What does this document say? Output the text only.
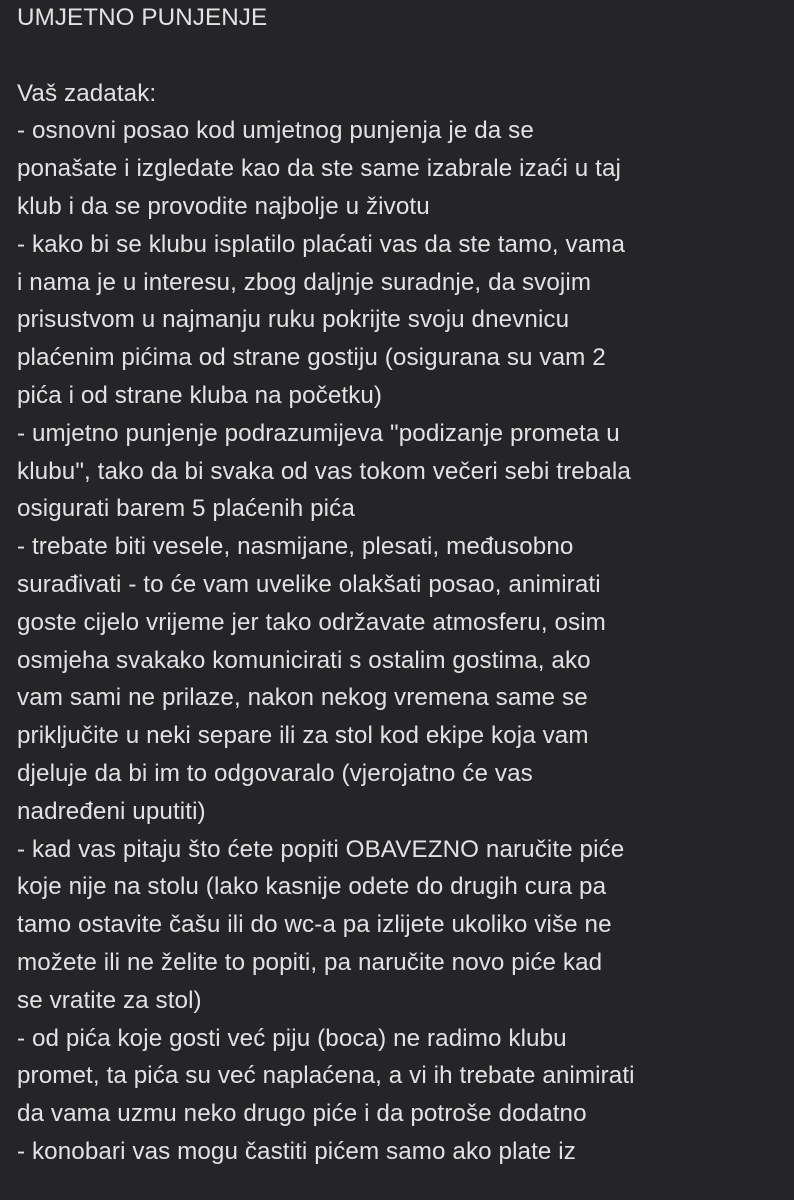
UMJETNO PUNJENJE
Vaš zadatak:
- osnovni posao kod umjetnog punjenja je da se
ponašate i izgledate kao da ste same izabrale izaći u taj
klub i da se provodite najbolje u životu
- kako bi se klubu isplatilo plaćati vas da ste tamo, vama
i nama je u interesu, zbog daljnje suradnje, da svojim
prisustvom u najmanju ruku pokrijte svoju dnevnicu
plaćenim pićima od strane gostiju (osigurana su vam 2
pića i od strane kluba na početku)
- umjetno punjenje podrazumijeva "podizanje prometa u
klubu", tako da bi svaka od vas tokom večeri sebi trebala
osigurati barem 5 plaćenih pića
- trebate biti vesele, nasmijane, plesati, međusobno
surađivati - to će vam uvelike olakšati posao, animirati
goste cijelo vrijeme jer tako održavate atmosferu, osim
osmjeha svakako komunicirati s ostalim gostima, ako
vam sami ne prilaze, nakon nekog vremena same se
priključite u neki separe ili za stol kod ekipe koja vam
djeluje da bi im to odgovaralo (vjerojatno će vas
nadređeni uputiti)
- kad vas pitaju što ćete popiti OBAVEZNO naručite piće
koje nije na stolu (lako kasnije odete do drugih cura pa
tamo ostavite čašu ili do wc-a pa izlijete ukoliko više ne
možete ili ne želite to popiti, pa naručite novo piće kad
se vratite za stol)
- od pića koje gosti već piju (boca) ne radimo klubu
promet, ta pića su već naplaćena, a vi ih trebate animirati
da vama uzmu neko drugo piće i da potroše dodatno
- konobari vas mogu častiti pićem samo ako plate iz
